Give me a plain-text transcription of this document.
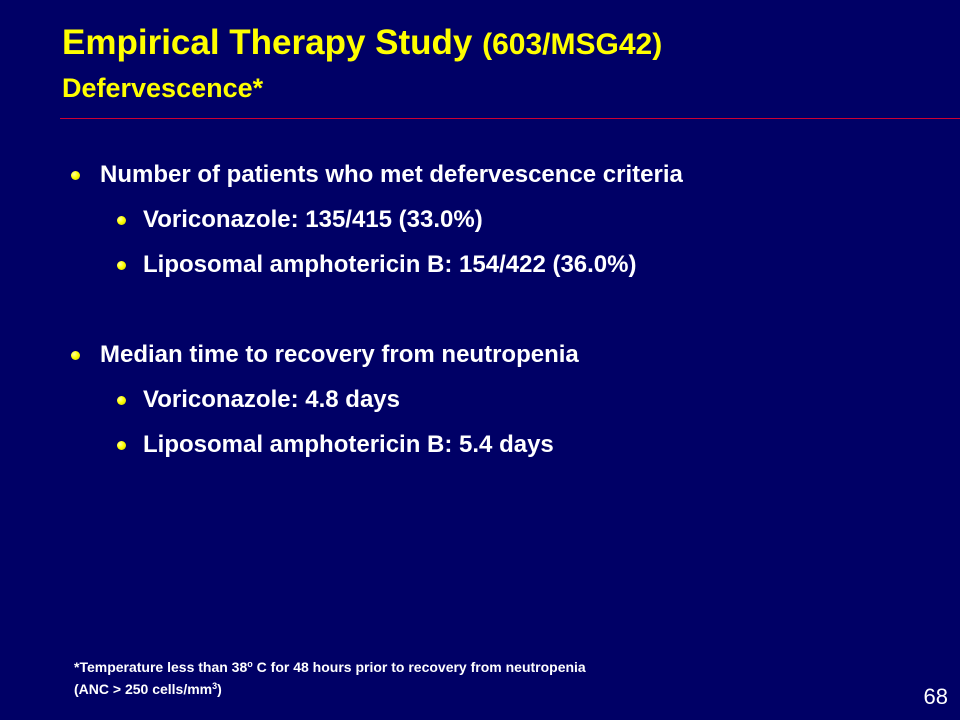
Empirical Therapy Study (603/MSG42)
Defervescence*
Number of patients who met defervescence criteria
Voriconazole: 135/415 (33.0%)
Liposomal amphotericin B: 154/422 (36.0%)
Median time to recovery from neutropenia
Voriconazole: 4.8 days
Liposomal amphotericin B: 5.4 days
*Temperature less than 38$^o$ C for 48 hours prior to recovery from neutropenia
(ANC > 250 cells/$mm^3$)	68
